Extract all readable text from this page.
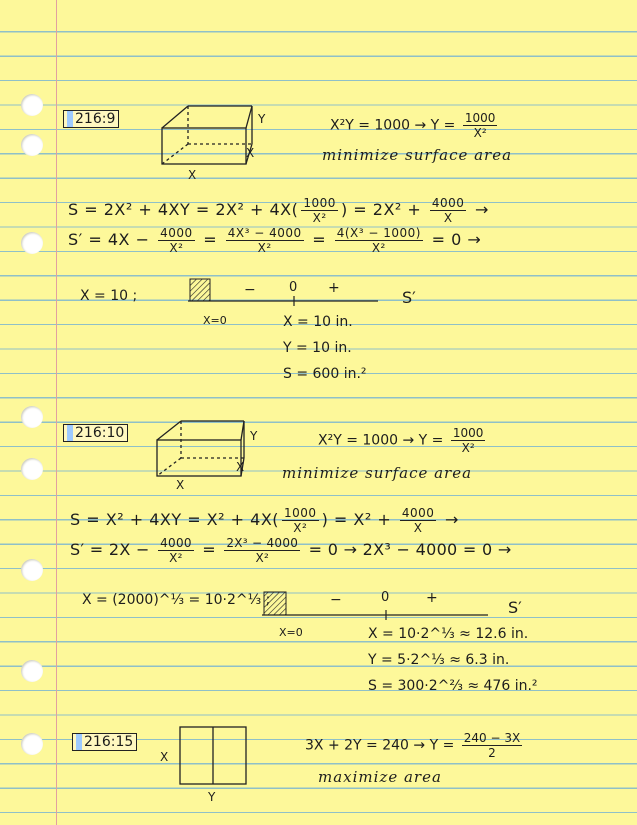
216:9
X
X
Y	$X^2Y = 1000 \to Y = \frac{1000}{\text{X²}}$
minimize surface area
$S = 2X^2 + 4XY = 2X^2 + 4X( \frac{1000}{\text{X²}}$ ) = $2X^2 + \frac{4000}{X}$ →
$S' = 4X - \frac{4000}{\text{X²}} = \frac{\text{4X³ − 4000}}{\text{X²}} = \frac{\text{4(X³ − 1000)}}{\text{X²}} = 0$ →
X = 10 ;	−	0 +	S′
X=0	X = 10 in.
Y = 10 in.
S = 600 in.²
216:10
X
X
Y	$X^2Y = 1000 \to Y = \frac{1000}{\text{X²}}$
minimize surface area
$S = X^2 + 4XY = X^2 + 4X( \frac{1000}{\text{X²}}$ ) = $X^2 + \frac{4000}{X}$ →
$S' = 2X - \frac{4000}{\text{X²}} = \frac{\text{2X³ − 4000}}{\text{X²}} = 0 \to 2X^3 - 4000 = 0$ →
X = (2000)^⅓ = 10·2^⅓ ;	−	0	+	S′
X=0	X = 10·2^⅓ ≈ 12.6 in.
Y = 5·2^⅓ ≈ 6.3 in.
S = 300·2^⅔ ≈ 476 in.²
216:15
X
Y
$3X + 2Y = 240 \to Y = \frac{240 - 3X}{2}$
maximize area
